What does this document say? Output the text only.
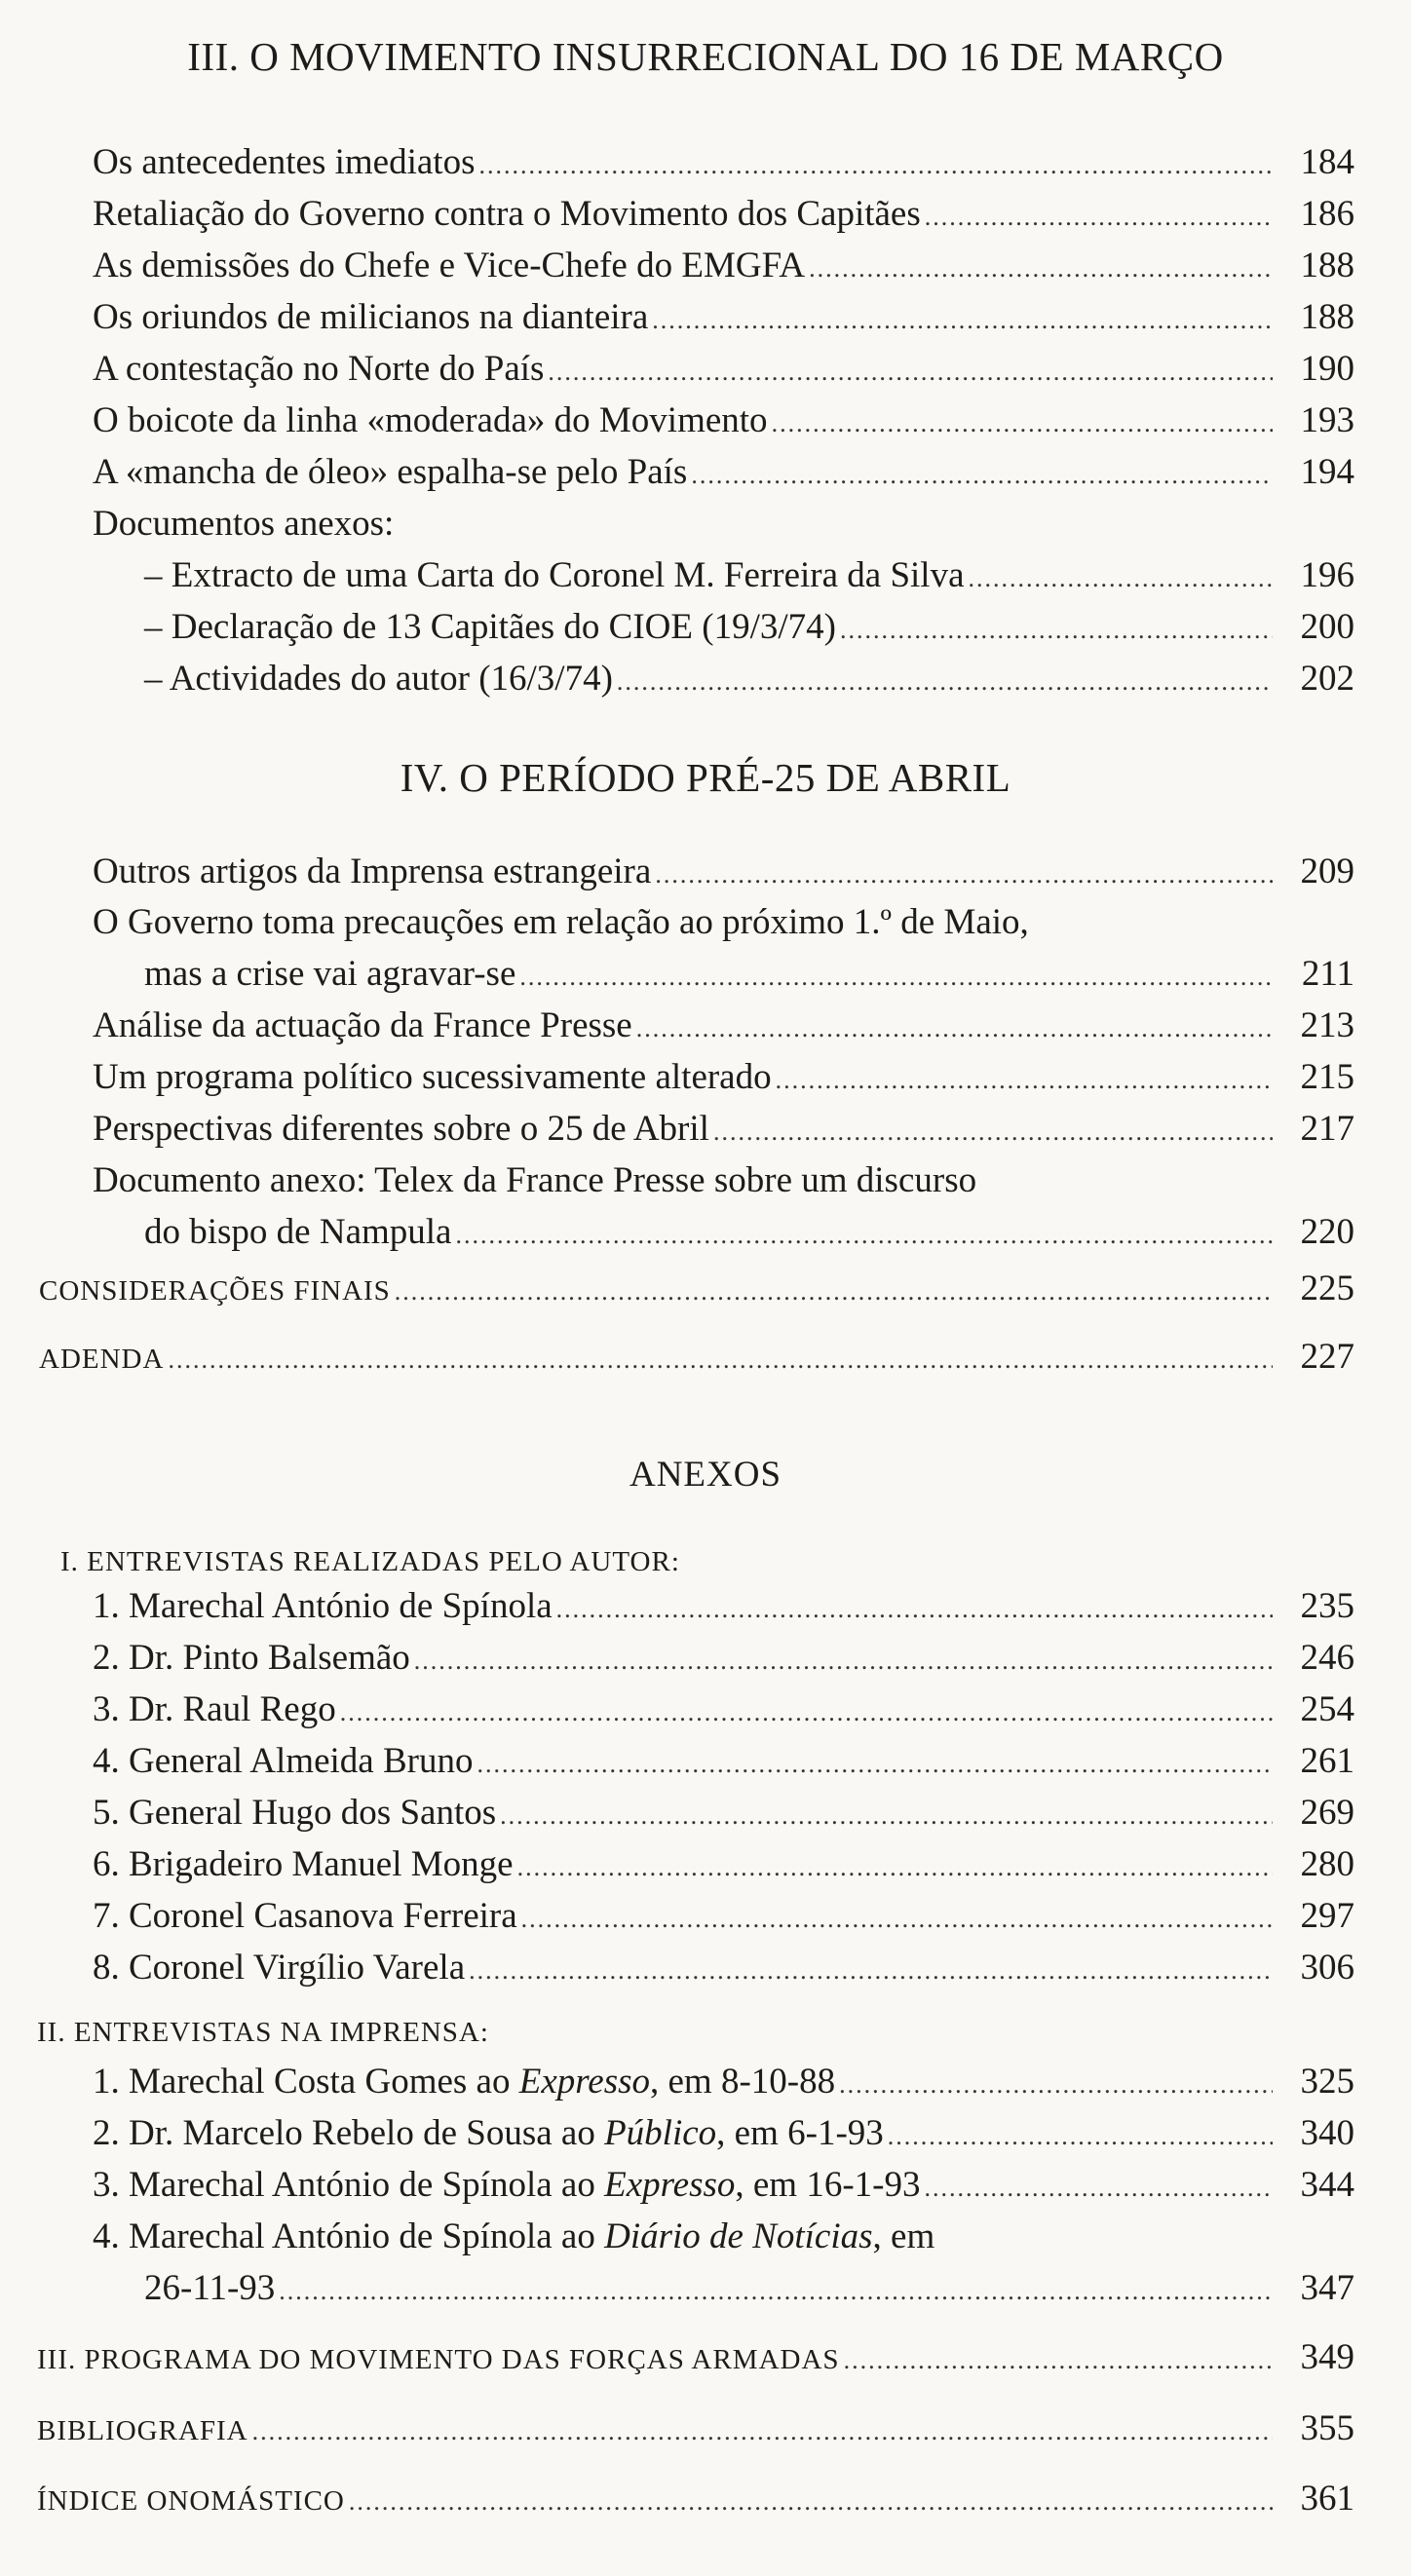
III. O MOVIMENTO INSURRECIONAL DO 16 DE MARÇO
Os antecedentes imediatos .....	184
Retaliação do Governo contra o Movimento dos Capitães .....	186
As demissões do Chefe e Vice-Chefe do EMGFA .....	188
Os oriundos de milicianos na dianteira .....	188
A contestação no Norte do País .....	190
O boicote da linha «moderada» do Movimento .....	193
A «mancha de óleo» espalha-se pelo País .....	194
Documentos anexos:
– Extracto de uma Carta do Coronel M. Ferreira da Silva .....	196
– Declaração de 13 Capitães do CIOE (19/3/74) .....	200
– Actividades do autor (16/3/74) .....	202
IV. O PERÍODO PRÉ-25 DE ABRIL
Outros artigos da Imprensa estrangeira .....	209
O Governo toma precauções em relação ao próximo 1.º de Maio,
mas a crise vai agravar-se .....	211
Análise da actuação da France Presse .....	213
Um programa político sucessivamente alterado .....	215
Perspectivas diferentes sobre o 25 de Abril .....	217
Documento anexo: Telex da France Presse sobre um discurso
do bispo de Nampula .....	220
CONSIDERAÇÕES FINAIS .....	225
ADENDA .....	227
ANEXOS
I. ENTREVISTAS REALIZADAS PELO AUTOR:
1. Marechal António de Spínola .....	235
2. Dr. Pinto Balsemão .....	246
3. Dr. Raul Rego .....	254
4. General Almeida Bruno .....	261
5. General Hugo dos Santos .....	269
6. Brigadeiro Manuel Monge .....	280
7. Coronel Casanova Ferreira .....	297
8. Coronel Virgílio Varela .....	306
II. ENTREVISTAS NA IMPRENSA:
1. Marechal Costa Gomes ao Expresso, em 8-10-88 .....	325
2. Dr. Marcelo Rebelo de Sousa ao Público, em 6-1-93 .....	340
3. Marechal António de Spínola ao Expresso, em 16-1-93 .....	344
4. Marechal António de Spínola ao Diário de Notícias, em
26-11-93 .....	347
III. PROGRAMA DO MOVIMENTO DAS FORÇAS ARMADAS .....	349
BIBLIOGRAFIA .....	355
ÍNDICE ONOMÁSTICO .....	361
